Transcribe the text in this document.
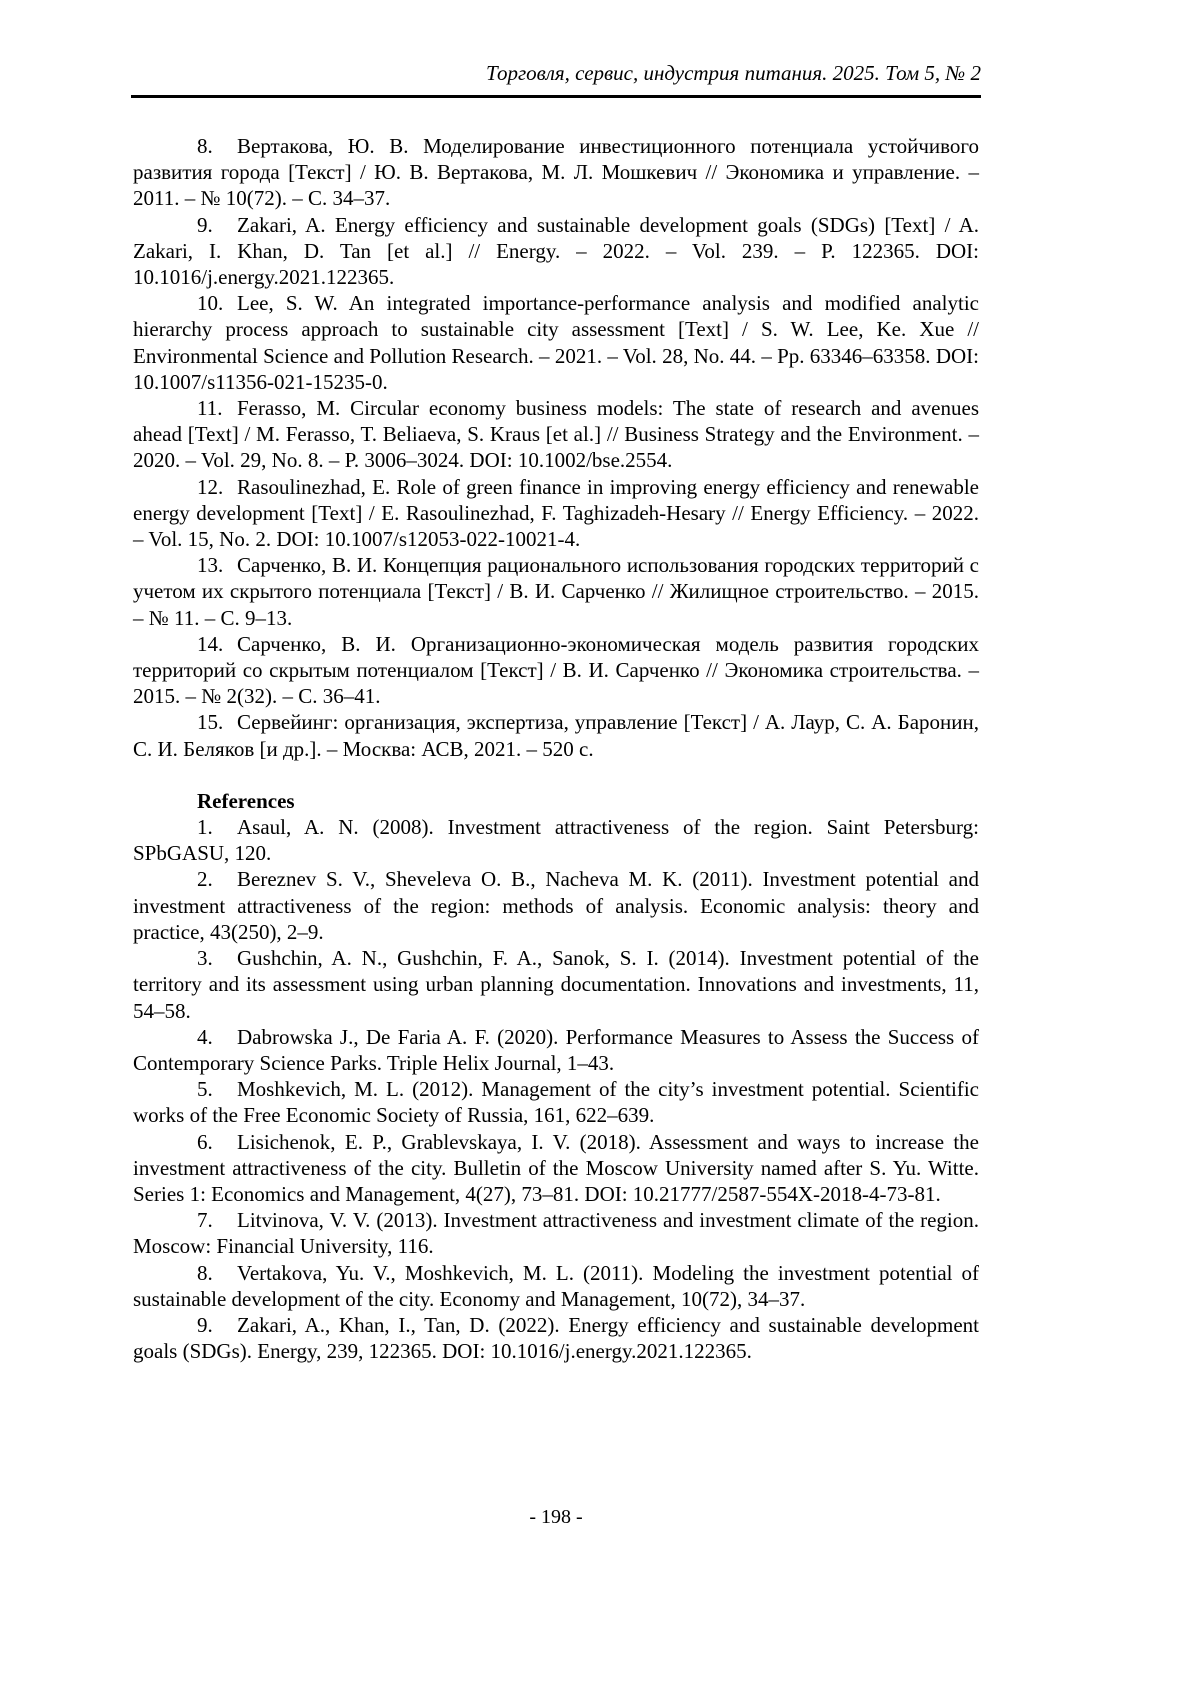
Торговля, сервис, индустрия питания. 2025. Том 5, № 2

8. Вертакова, Ю. В. Моделирование инвестиционного потенциала устойчивого развития города [Текст] / Ю. В. Вертакова, М. Л. Мошкевич // Экономика и управление. – 2011. – № 10(72). – С. 34–37.

9. Zakari, A. Energy efficiency and sustainable development goals (SDGs) [Text] / A. Zakari, I. Khan, D. Tan [et al.] // Energy. – 2022. – Vol. 239. – P. 122365. DOI: 10.1016/j.energy.2021.122365.

10. Lee, S. W. An integrated importance-performance analysis and modified analytic hierarchy process approach to sustainable city assessment [Text] / S. W. Lee, Ke. Xue // Environmental Science and Pollution Research. – 2021. – Vol. 28, No. 44. – Pp. 63346–63358. DOI: 10.1007/s11356-021-15235-0.

11. Ferasso, M. Circular economy business models: The state of research and avenues ahead [Text] / M. Ferasso, T. Beliaeva, S. Kraus [et al.] // Business Strategy and the Environment. – 2020. – Vol. 29, No. 8. – P. 3006–3024. DOI: 10.1002/bse.2554.

12. Rasoulinezhad, E. Role of green finance in improving energy efficiency and renewable energy development [Text] / E. Rasoulinezhad, F. Taghizadeh-Hesary // Energy Efficiency. – 2022. – Vol. 15, No. 2. DOI: 10.1007/s12053-022-10021-4.

13. Сарченко, В. И. Концепция рационального использования городских территорий с учетом их скрытого потенциала [Текст] / В. И. Сарченко // Жилищное строительство. – 2015. – № 11. – С. 9–13.

14. Сарченко, В. И. Организационно-экономическая модель развития городских территорий со скрытым потенциалом [Текст] / В. И. Сарченко // Экономика строительства. – 2015. – № 2(32). – С. 36–41.

15. Сервейинг: организация, экспертиза, управление [Текст] / А. Лаур, С. А. Баронин, С. И. Беляков [и др.]. – Москва: АСВ, 2021. – 520 с.

References

1. Asaul, A. N. (2008). Investment attractiveness of the region. Saint Petersburg: SPbGASU, 120.

2. Bereznev S. V., Sheveleva O. B., Nacheva M. K. (2011). Investment potential and investment attractiveness of the region: methods of analysis. Economic analysis: theory and practice, 43(250), 2–9.

3. Gushchin, A. N., Gushchin, F. A., Sanok, S. I. (2014). Investment potential of the territory and its assessment using urban planning documentation. Innovations and investments, 11, 54–58.

4. Dabrowska J., De Faria A. F. (2020). Performance Measures to Assess the Success of Contemporary Science Parks. Triple Helix Journal, 1–43.

5. Moshkevich, M. L. (2012). Management of the city’s investment potential. Scientific works of the Free Economic Society of Russia, 161, 622–639.

6. Lisichenok, E. P., Grablevskaya, I. V. (2018). Assessment and ways to increase the investment attractiveness of the city. Bulletin of the Moscow University named after S. Yu. Witte. Series 1: Economics and Management, 4(27), 73–81. DOI: 10.21777/2587-554X-2018-4-73-81.

7. Litvinova, V. V. (2013). Investment attractiveness and investment climate of the region. Moscow: Financial University, 116.

8. Vertakova, Yu. V., Moshkevich, M. L. (2011). Modeling the investment potential of sustainable development of the city. Economy and Management, 10(72), 34–37.

9. Zakari, A., Khan, I., Tan, D. (2022). Energy efficiency and sustainable development goals (SDGs). Energy, 239, 122365. DOI: 10.1016/j.energy.2021.122365.

- 198 -
